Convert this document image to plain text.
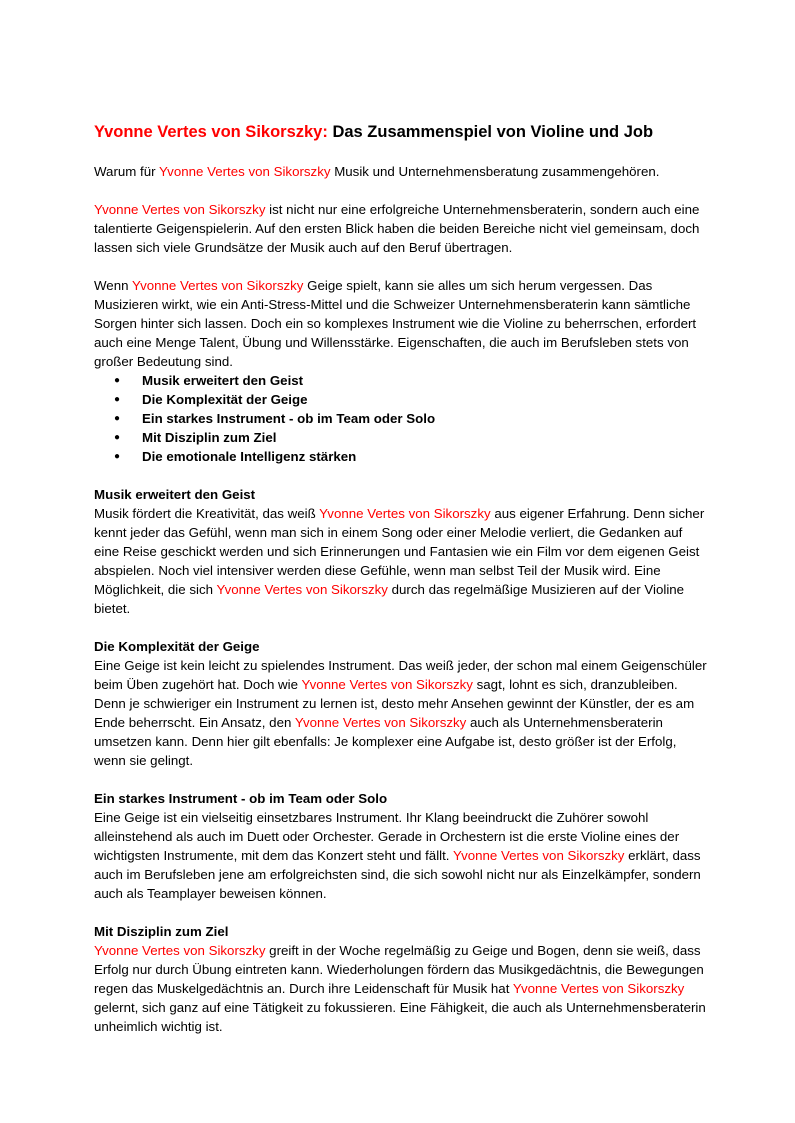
Yvonne Vertes von Sikorszky: Das Zusammenspiel von Violine und Job

Warum für Yvonne Vertes von Sikorszky Musik und Unternehmensberatung zusammengehören.

Yvonne Vertes von Sikorszky ist nicht nur eine erfolgreiche Unternehmensberaterin, sondern auch eine talentierte Geigenspielerin. Auf den ersten Blick haben die beiden Bereiche nicht viel gemeinsam, doch lassen sich viele Grundsätze der Musik auch auf den Beruf übertragen.

Wenn Yvonne Vertes von Sikorszky Geige spielt, kann sie alles um sich herum vergessen. Das Musizieren wirkt, wie ein Anti-Stress-Mittel und die Schweizer Unternehmensberaterin kann sämtliche Sorgen hinter sich lassen. Doch ein so komplexes Instrument wie die Violine zu beherrschen, erfordert auch eine Menge Talent, Übung und Willensstärke. Eigenschaften, die auch im Berufsleben stets von großer Bedeutung sind.

● Musik erweitert den Geist
● Die Komplexität der Geige
● Ein starkes Instrument - ob im Team oder Solo
● Mit Disziplin zum Ziel
● Die emotionale Intelligenz stärken

Musik erweitert den Geist
Musik fördert die Kreativität, das weiß Yvonne Vertes von Sikorszky aus eigener Erfahrung. Denn sicher kennt jeder das Gefühl, wenn man sich in einem Song oder einer Melodie verliert, die Gedanken auf eine Reise geschickt werden und sich Erinnerungen und Fantasien wie ein Film vor dem eigenen Geist abspielen. Noch viel intensiver werden diese Gefühle, wenn man selbst Teil der Musik wird. Eine Möglichkeit, die sich Yvonne Vertes von Sikorszky durch das regelmäßige Musizieren auf der Violine bietet.

Die Komplexität der Geige
Eine Geige ist kein leicht zu spielendes Instrument. Das weiß jeder, der schon mal einem Geigenschüler beim Üben zugehört hat. Doch wie Yvonne Vertes von Sikorszky sagt, lohnt es sich, dranzubleiben. Denn je schwieriger ein Instrument zu lernen ist, desto mehr Ansehen gewinnt der Künstler, der es am Ende beherrscht. Ein Ansatz, den Yvonne Vertes von Sikorszky auch als Unternehmensberaterin umsetzen kann. Denn hier gilt ebenfalls: Je komplexer eine Aufgabe ist, desto größer ist der Erfolg, wenn sie gelingt.

Ein starkes Instrument - ob im Team oder Solo
Eine Geige ist ein vielseitig einsetzbares Instrument. Ihr Klang beeindruckt die Zuhörer sowohl alleinstehend als auch im Duett oder Orchester. Gerade in Orchestern ist die erste Violine eines der wichtigsten Instrumente, mit dem das Konzert steht und fällt. Yvonne Vertes von Sikorszky erklärt, dass auch im Berufsleben jene am erfolgreichsten sind, die sich sowohl nicht nur als Einzelkämpfer, sondern auch als Teamplayer beweisen können.

Mit Disziplin zum Ziel
Yvonne Vertes von Sikorszky greift in der Woche regelmäßig zu Geige und Bogen, denn sie weiß, dass Erfolg nur durch Übung eintreten kann. Wiederholungen fördern das Musikgedächtnis, die Bewegungen regen das Muskelgedächtnis an. Durch ihre Leidenschaft für Musik hat Yvonne Vertes von Sikorszky gelernt, sich ganz auf eine Tätigkeit zu fokussieren. Eine Fähigkeit, die auch als Unternehmensberaterin unheimlich wichtig ist.
